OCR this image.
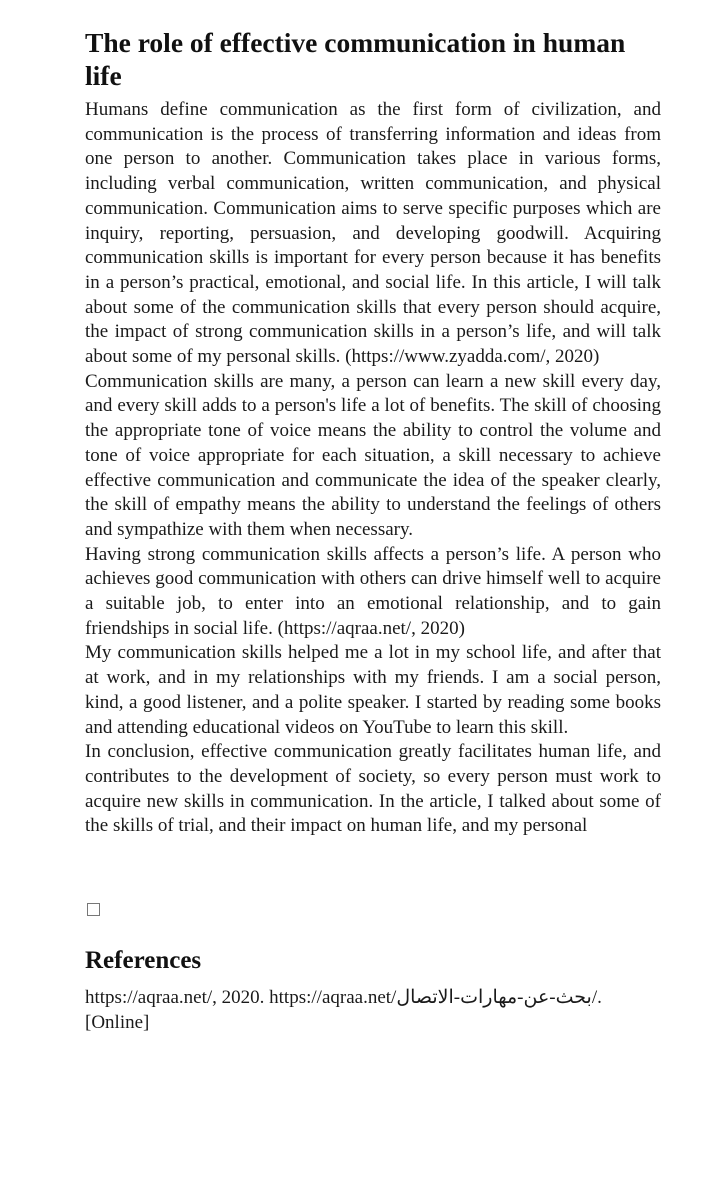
The role of effective communication in human life

Humans define communication as the first form of civilization, and communication is the process of transferring information and ideas from one person to another. Communication takes place in various forms, including verbal communication, written communication, and physical communication. Communication aims to serve specific purposes which are inquiry, reporting, persuasion, and developing goodwill. Acquiring communication skills is important for every person because it has benefits in a person’s practical, emotional, and social life. In this article, I will talk about some of the communication skills that every person should acquire, the impact of strong communication skills in a person’s life, and will talk about some of my personal skills. (https://www.zyadda.com/, 2020)

Communication skills are many, a person can learn a new skill every day, and every skill adds to a person's life a lot of benefits. The skill of choosing the appropriate tone of voice means the ability to control the volume and tone of voice appropriate for each situation, a skill necessary to achieve effective communication and communicate the idea of the speaker clearly, the skill of empathy means the ability to understand the feelings of others and sympathize with them when necessary.

Having strong communication skills affects a person’s life. A person who achieves good communication with others can drive himself well to acquire a suitable job, to enter into an emotional relationship, and to gain friendships in social life. (https://aqraa.net/, 2020)

My communication skills helped me a lot in my school life, and after that at work, and in my relationships with my friends. I am a social person, kind, a good listener, and a polite speaker. I started by reading some books and attending educational videos on YouTube to learn this skill.

In conclusion, effective communication greatly facilitates human life, and contributes to the development of society, so every person must work to acquire new skills in communication. In the article, I talked about some of the skills of trial, and their impact on human life, and my personal

References

https://aqraa.net/, 2020. https://aqraa.net/بحث-عن-مهارات-الاتصال/. [Online]
